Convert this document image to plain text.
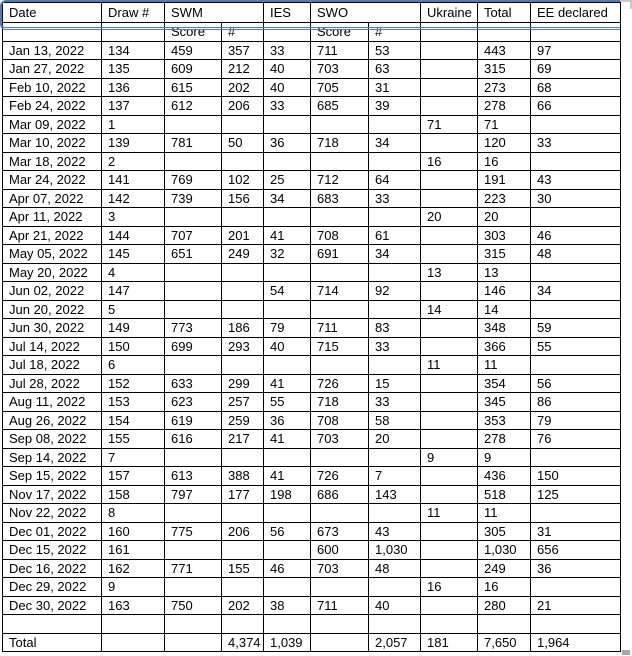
Date	Draw #	SWM		IES	SWO		Ukraine	Total	EE declared
		Score	#		Score	#			
Jan 13, 2022	134	459	357	33	711	53		443	97
Jan 27, 2022	135	609	212	40	703	63		315	69
Feb 10, 2022	136	615	202	40	705	31		273	68
Feb 24, 2022	137	612	206	33	685	39		278	66
Mar 09, 2022	1						71	71	
Mar 10, 2022	139	781	50	36	718	34		120	33
Mar 18, 2022	2						16	16	
Mar 24, 2022	141	769	102	25	712	64		191	43
Apr 07, 2022	142	739	156	34	683	33		223	30
Apr 11, 2022	3						20	20	
Apr 21, 2022	144	707	201	41	708	61		303	46
May 05, 2022	145	651	249	32	691	34		315	48
May 20, 2022	4						13	13	
Jun 02, 2022	147			54	714	92		146	34
Jun 20, 2022	5						14	14	
Jun 30, 2022	149	773	186	79	711	83		348	59
Jul 14, 2022	150	699	293	40	715	33		366	55
Jul 18, 2022	6						11	11	
Jul 28, 2022	152	633	299	41	726	15		354	56
Aug 11, 2022	153	623	257	55	718	33		345	86
Aug 26, 2022	154	619	259	36	708	58		353	79
Sep 08, 2022	155	616	217	41	703	20		278	76
Sep 14, 2022	7						9	9	
Sep 15, 2022	157	613	388	41	726	7		436	150
Nov 17, 2022	158	797	177	198	686	143		518	125
Nov 22, 2022	8						11	11	
Dec 01, 2022	160	775	206	56	673	43		305	31
Dec 15, 2022	161				600	1,030		1,030	656
Dec 16, 2022	162	771	155	46	703	48		249	36
Dec 29, 2022	9						16	16	
Dec 30, 2022	163	750	202	38	711	40		280	21

Total			4,374	1,039		2,057	181	7,650	1,964
